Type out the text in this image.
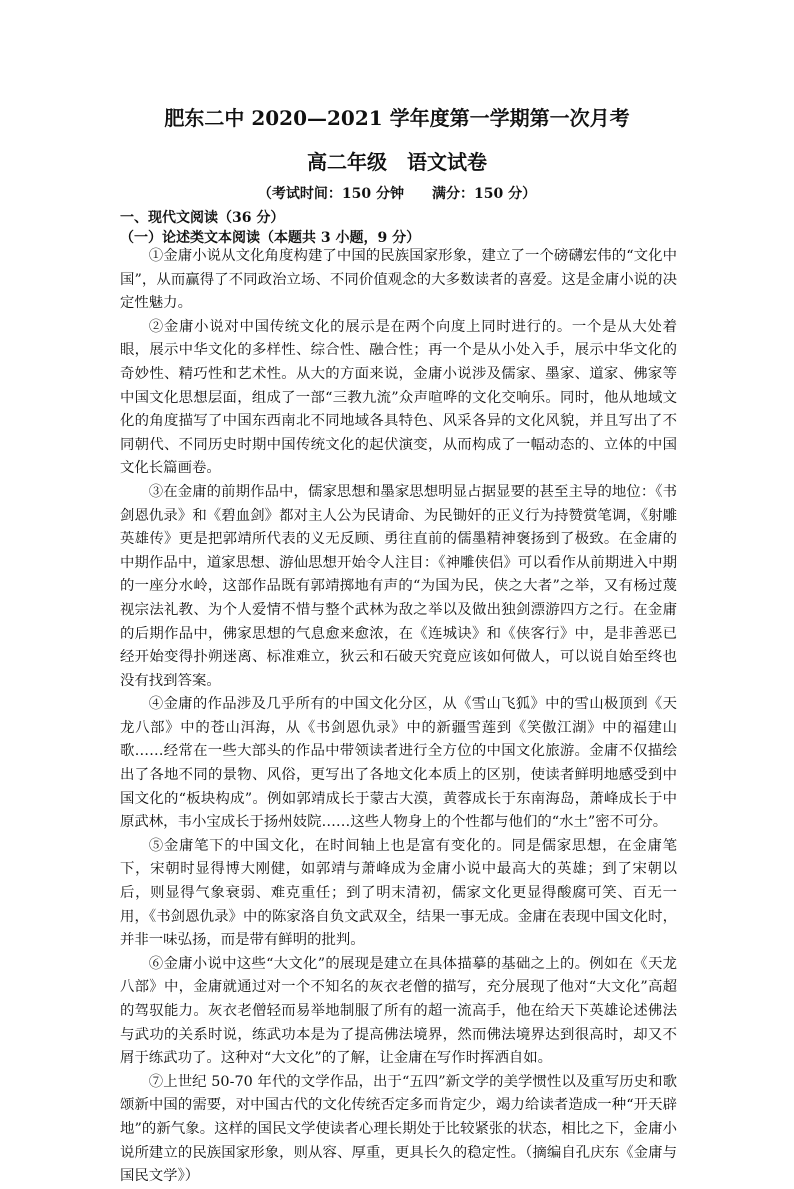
肥东二中 2020—2021 学年度第一学期第一次月考
高二年级　语文试卷
（考试时间：150 分钟　　满分：150 分）
一、现代文阅读（36 分）
（一）论述类文本阅读（本题共 3 小题，9 分）

①金庸小说从文化角度构建了中国的民族国家形象，建立了一个磅礴宏伟的“文化中国”，从而赢得了不同政治立场、不同价值观念的大多数读者的喜爱。这是金庸小说的决定性魅力。

②金庸小说对中国传统文化的展示是在两个向度上同时进行的。一个是从大处着眼，展示中华文化的多样性、综合性、融合性；再一个是从小处入手，展示中华文化的奇妙性、精巧性和艺术性。从大的方面来说，金庸小说涉及儒家、墨家、道家、佛家等中国文化思想层面，组成了一部“三教九流”众声喧哗的文化交响乐。同时，他从地域文化的角度描写了中国东西南北不同地域各具特色、风采各异的文化风貌，并且写出了不同朝代、不同历史时期中国传统文化的起伏演变，从而构成了一幅动态的、立体的中国文化长篇画卷。

③在金庸的前期作品中，儒家思想和墨家思想明显占据显要的甚至主导的地位：《书剑恩仇录》和《碧血剑》都对主人公为民请命、为民锄奸的正义行为持赞赏笔调，《射雕英雄传》更是把郭靖所代表的义无反顾、勇往直前的儒墨精神褒扬到了极致。在金庸的中期作品中，道家思想、游仙思想开始令人注目：《神雕侠侣》可以看作从前期进入中期的一座分水岭，这部作品既有郭靖掷地有声的“为国为民，侠之大者”之举，又有杨过蔑视宗法礼教、为个人爱情不惜与整个武林为敌之举以及做出独剑漂游四方之行。在金庸的后期作品中，佛家思想的气息愈来愈浓，在《连城诀》和《侠客行》中，是非善恶已经开始变得扑朔迷离、标准难立，狄云和石破天究竟应该如何做人，可以说自始至终也没有找到答案。

④金庸的作品涉及几乎所有的中国文化分区，从《雪山飞狐》中的雪山极顶到《天龙八部》中的苍山洱海，从《书剑恩仇录》中的新疆雪莲到《笑傲江湖》中的福建山歌……经常在一些大部头的作品中带领读者进行全方位的中国文化旅游。金庸不仅描绘出了各地不同的景物、风俗，更写出了各地文化本质上的区别，使读者鲜明地感受到中国文化的“板块构成”。例如郭靖成长于蒙古大漠，黄蓉成长于东南海岛，萧峰成长于中原武林，韦小宝成长于扬州妓院……这些人物身上的个性都与他们的“水土”密不可分。

⑤金庸笔下的中国文化，在时间轴上也是富有变化的。同是儒家思想，在金庸笔下，宋朝时显得博大刚健，如郭靖与萧峰成为金庸小说中最高大的英雄；到了宋朝以后，则显得气象衰弱、难克重任；到了明末清初，儒家文化更显得酸腐可笑、百无一用，《书剑恩仇录》中的陈家洛自负文武双全，结果一事无成。金庸在表现中国文化时，并非一味弘扬，而是带有鲜明的批判。

⑥金庸小说中这些“大文化”的展现是建立在具体描摹的基础之上的。例如在《天龙八部》中，金庸就通过对一个不知名的灰衣老僧的描写，充分展现了他对“大文化”高超的驾驭能力。灰衣老僧轻而易举地制服了所有的超一流高手，他在给天下英雄论述佛法与武功的关系时说，练武功本是为了提高佛法境界，然而佛法境界达到很高时，却又不屑于练武功了。这种对“大文化”的了解，让金庸在写作时挥洒自如。

⑦上世纪 50-70 年代的文学作品，出于“五四”新文学的美学惯性以及重写历史和歌颂新中国的需要，对中国古代的文化传统否定多而肯定少，竭力给读者造成一种“开天辟地”的新气象。这样的国民文学使读者心理长期处于比较紧张的状态，相比之下，金庸小说所建立的民族国家形象，则从容、厚重，更具长久的稳定性。（摘编自孔庆东《金庸与国民文学》）
